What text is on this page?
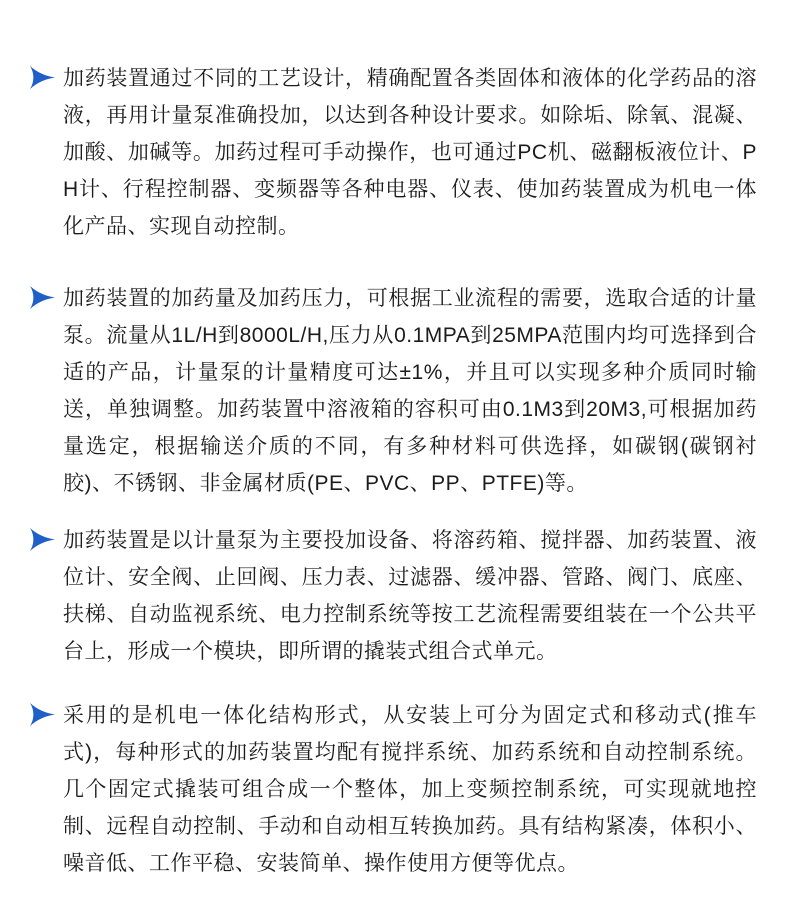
加药装置通过不同的工艺设计，精确配置各类固体和液体的化学药品的溶液，再用计量泵准确投加，以达到各种设计要求。如除垢、除氧、混凝、加酸、加碱等。加药过程可手动操作，也可通过PC机、磁翻板液位计、PH计、行程控制器、变频器等各种电器、仪表、使加药装置成为机电一体化产品、实现自动控制。

加药装置的加药量及加药压力，可根据工业流程的需要，选取合适的计量泵。流量从1L/H到8000L/H,压力从0.1MPA到25MPA范围内均可选择到合适的产品，计量泵的计量精度可达±1%，并且可以实现多种介质同时输送，单独调整。加药装置中溶液箱的容积可由0.1M3到20M3,可根据加药量选定，根据输送介质的不同，有多种材料可供选择，如碳钢(碳钢衬胶)、不锈钢、非金属材质(PE、PVC、PP、PTFE)等。

加药装置是以计量泵为主要投加设备、将溶药箱、搅拌器、加药装置、液位计、安全阀、止回阀、压力表、过滤器、缓冲器、管路、阀门、底座、扶梯、自动监视系统、电力控制系统等按工艺流程需要组装在一个公共平台上，形成一个模块，即所谓的撬装式组合式单元。

采用的是机电一体化结构形式，从安装上可分为固定式和移动式(推车式)，每种形式的加药装置均配有搅拌系统、加药系统和自动控制系统。几个固定式撬装可组合成一个整体，加上变频控制系统，可实现就地控制、远程自动控制、手动和自动相互转换加药。具有结构紧凑，体积小、噪音低、工作平稳、安装简单、操作使用方便等优点。
